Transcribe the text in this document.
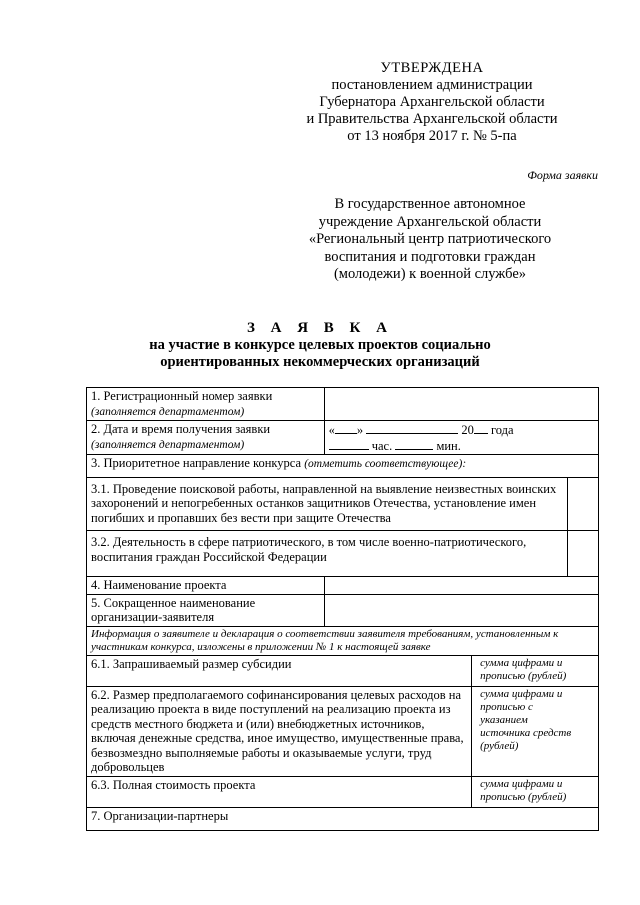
УТВЕРЖДЕНА
постановлением администрации
Губернатора Архангельской области
и Правительства Архангельской области
от 13 ноября 2017 г. № 5-па
Форма заявки
В государственное автономное
учреждение Архангельской области
«Региональный центр патриотического
воспитания и подготовки граждан
(молодежи) к военной службе»
З А Я В К А
на участие в конкурсе целевых проектов социально
ориентированных некоммерческих организаций
1. Регистрационный номер заявки
(заполняется департаментом)			
2. Дата и время получения заявки
(заполняется департаментом)	« » 20 года
час. мин.		
3. Приоритетное направление конкурса (отметить соответствующее):			
3.1. Проведение поисковой работы, направленной на выявление неизвестных воинских захоронений и непогребенных останков защитников Отечества, установление имен погибших и пропавших без вести при защите Отечества			
3.2. Деятельность в сфере патриотического, в том числе военно-патриотического, воспитания граждан Российской Федерации			
4. Наименование проекта			
5. Сокращенное наименование организации-заявителя			
Информация о заявителе и декларация о соответствии заявителя требованиям, установленным к участникам конкурса, изложены в приложении № 1 к настоящей заявке			
6.1. Запрашиваемый размер субсидии		сумма цифрами и прописью (рублей)	
6.2. Размер предполагаемого софинансирования целевых расходов на реализацию проекта в виде поступлений на реализацию проекта из средств местного бюджета и (или) внебюджетных источников, включая денежные средства, иное имущество, имущественные права, безвозмездно выполняемые работы и оказываемые услуги, труд добровольцев		сумма цифрами и прописью с указанием источника средств (рублей)	
6.3. Полная стоимость проекта		сумма цифрами и прописью (рублей)	
7. Организации-партнеры			
